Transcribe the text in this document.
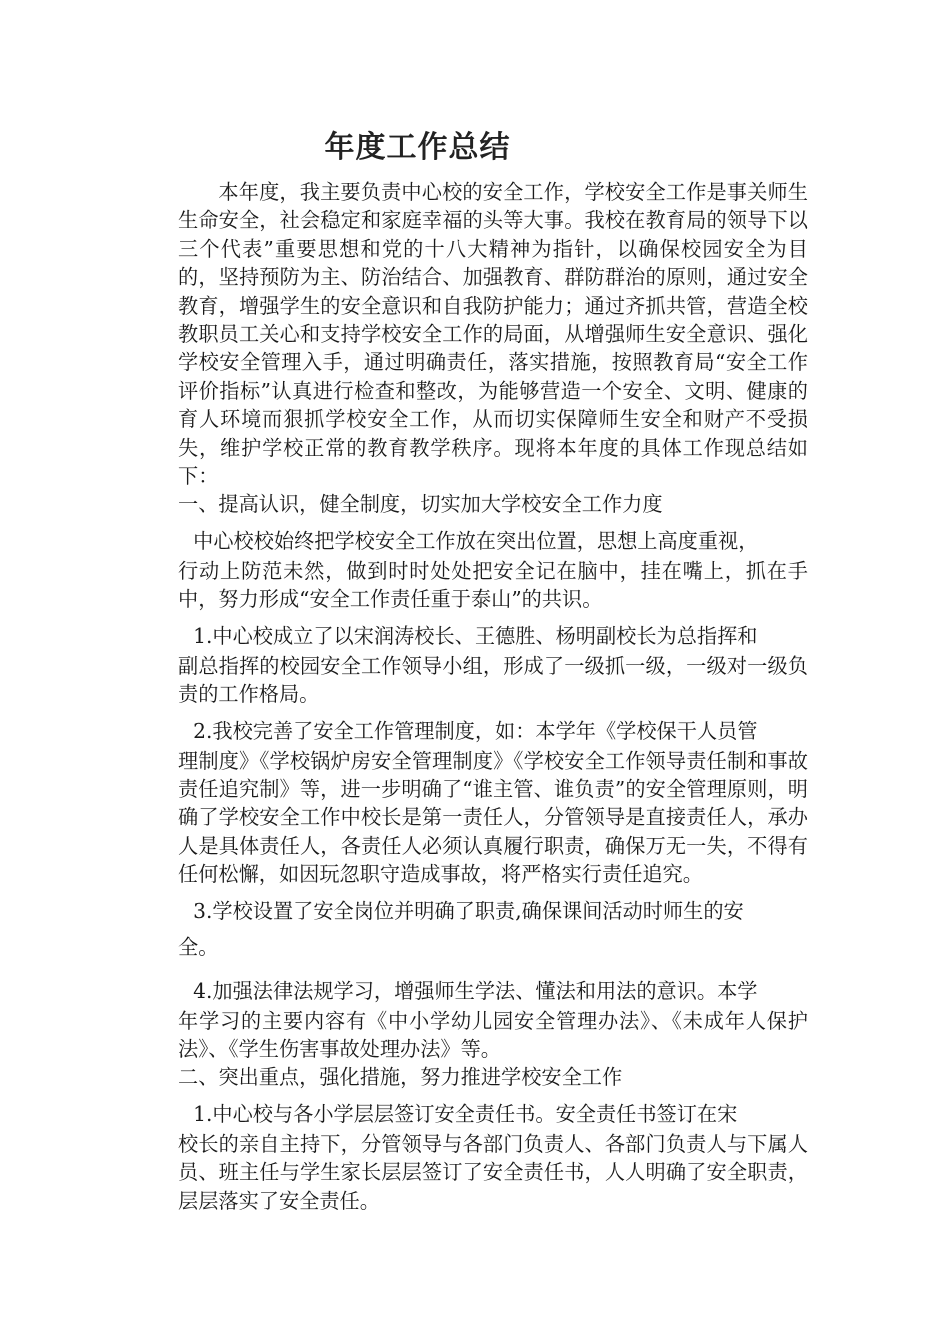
年度工作总结

本年度，我主要负责中心校的安全工作，学校安全工作是事关师生生命安全，社会稳定和家庭幸福的头等大事。我校在教育局的领导下以三个代表”重要思想和党的十八大精神为指针，以确保校园安全为目的，坚持预防为主、防治结合、加强教育、群防群治的原则，通过安全教育，增强学生的安全意识和自我防护能力；通过齐抓共管，营造全校教职员工关心和支持学校安全工作的局面，从增强师生安全意识、强化学校安全管理入手，通过明确责任，落实措施，按照教育局“安全工作评价指标”认真进行检查和整改，为能够营造一个安全、文明、健康的育人环境而狠抓学校安全工作，从而切实保障师生安全和财产不受损失，维护学校正常的教育教学秩序。现将本年度的具体工作现总结如下：

一、提高认识，健全制度，切实加大学校安全工作力度

中心校校始终把学校安全工作放在突出位置，思想上高度重视，
行动上防范未然，做到时时处处把安全记在脑中，挂在嘴上，抓在手中，努力形成“安全工作责任重于泰山”的共识。

1.中心校成立了以宋润涛校长、王德胜、杨明副校长为总指挥和
副总指挥的校园安全工作领导小组，形成了一级抓一级，一级对一级负责的工作格局。

2.我校完善了安全工作管理制度，如：本学年《学校保干人员管
理制度》《学校锅炉房安全管理制度》《学校安全工作领导责任制和事故责任追究制》等，进一步明确了“谁主管、谁负责”的安全管理原则，明确了学校安全工作中校长是第一责任人，分管领导是直接责任人，承办人是具体责任人，各责任人必须认真履行职责，确保万无一失，不得有任何松懈，如因玩忽职守造成事故，将严格实行责任追究。

3.学校设置了安全岗位并明确了职责,确保课间活动时师生的安
全。

4.加强法律法规学习，增强师生学法、懂法和用法的意识。本学
年学习的主要内容有《中小学幼儿园安全管理办法》、《未成年人保护法》、《学生伤害事故处理办法》等。

二、突出重点，强化措施，努力推进学校安全工作

1.中心校与各小学层层签订安全责任书。安全责任书签订在宋
校长的亲自主持下，分管领导与各部门负责人、各部门负责人与下属人员、班主任与学生家长层层签订了安全责任书，人人明确了安全职责，层层落实了安全责任。
